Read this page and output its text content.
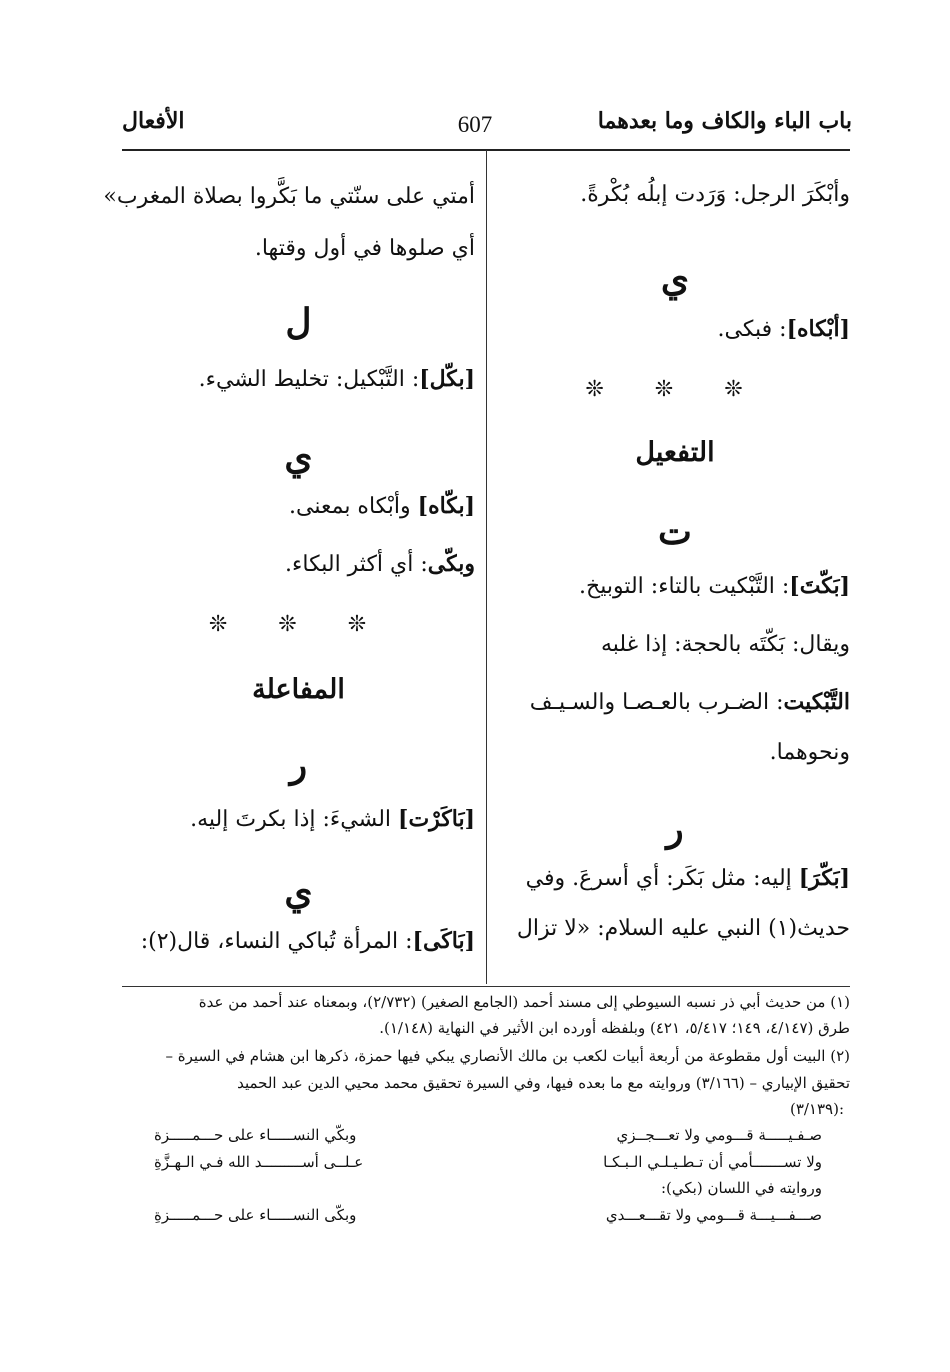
باب الباء والكاف وما بعدهما
607
الأفعال
وأبْكَرَ الرجل: وَرَدت إبلُه بُكْرةً.
ي
[أبْكاه]: فبكى.
❊ ❊ ❊
التفعيل
ت
[بَكّتَ]: التَّبْكيت بالتاء: التوبيخ.
ويقال: بَكّتَه بالحجة: إذا غلبه
التَّبْكيت: الضـرب بالعـصـا والسـيـف
ونحوهما.
ر
[بَكّرَ] إليه: مثل بَكَر: أي أسرعَ. وفي
حديث(١) النبي عليه السلام: «لا تزال
أمتي على سنّتي ما بَكَّروا بصلاة المغرب»
أي صلوها في أول وقتها.
ل
[بكّل]: التَّبْكيل: تخليط الشيء.
ي
[بكّاه] وأبْكاه بمعنى.
وبكّى: أي أكثر البكاء.
❊ ❊ ❊
المفاعلة
ر
[بَاكَرْت] الشيءَ: إذا بكرتَ إليه.
ي
[بَاكَى]: المرأة تُباكي النساء، قال(٢):
(١) من حديث أبي ذر نسبه السيوطي إلى مسند أحمد (الجامع الصغير) (٢/٧٣٢)، وبمعناه عند أحمد من عدة
طرق (٤/١٤٧، ١٤٩؛ ٥/٤١٧، ٤٢١) وبلفظه أورده ابن الأثير في النهاية (١/١٤٨).
(٢) البيت أول مقطوعة من أربعة أبيات لكعب بن مالك الأنصاري يبكي فيها حمزة، ذكرها ابن هشام في السيرة –
تحقيق الإبياري – (٣/١٦٦) وروايته مع ما بعده فيها، وفي السيرة تحقيق محمد محيي الدين عبد الحميد
:(٣/١٣٩)
صـفـيـــــة قـــومي ولا تعـــجــزي
وبكّي النســـــاء على حـــمـــــزة
ولا تســـــــأمي أن تـطـيـلـي الـبـكـا
عـلــى أســـــــــد الله فـي الـهـزَّةِ
وروايته في اللسان (بكي):
صـــفـــيـــة قـــومي ولا تقـــعـــدي
وبكّى النســـــاء على حـــمـــــزةِ
